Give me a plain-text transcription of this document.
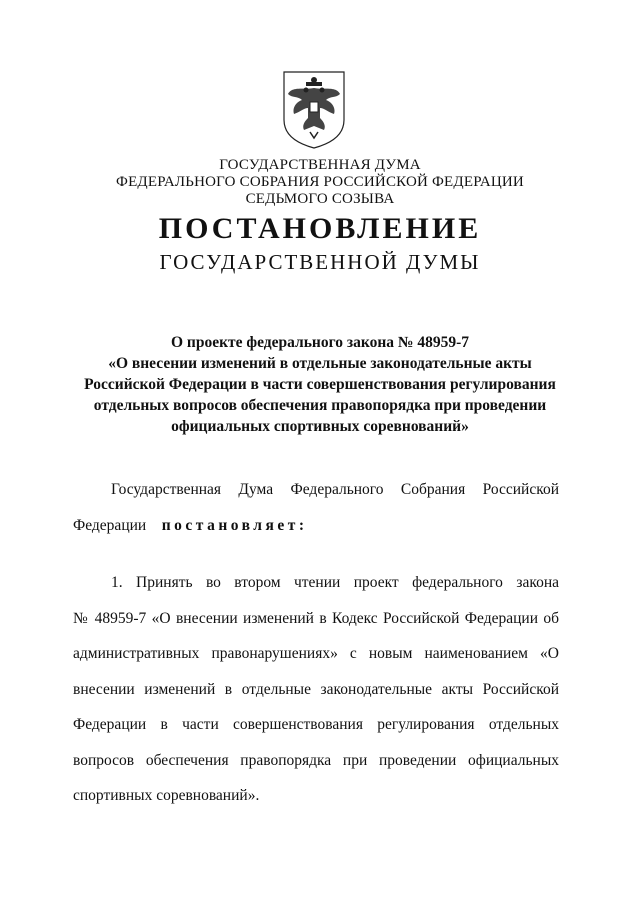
ГОСУДАРСТВЕННАЯ ДУМА
ФЕДЕРАЛЬНОГО СОБРАНИЯ РОССИЙСКОЙ ФЕДЕРАЦИИ
СЕДЬМОГО СОЗЫВА
ПОСТАНОВЛЕНИЕ
ГОСУДАРСТВЕННОЙ ДУМЫ
О проекте федерального закона № 48959-7
«О внесении изменений в отдельные законодательные акты
Российской Федерации в части совершенствования регулирования
отдельных вопросов обеспечения правопорядка при проведении
официальных спортивных соревнований»
Государственная Дума Федерального Собрания Российской
Федерации постановляет:
1. Принять во втором чтении проект федерального закона
№ 48959-7 «О внесении изменений в Кодекс Российской Федерации об
административных правонарушениях» с новым наименованием «О
внесении изменений в отдельные законодательные акты Российской
Федерации в части совершенствования регулирования отдельных
вопросов обеспечения правопорядка при проведении официальных
спортивных соревнований».
